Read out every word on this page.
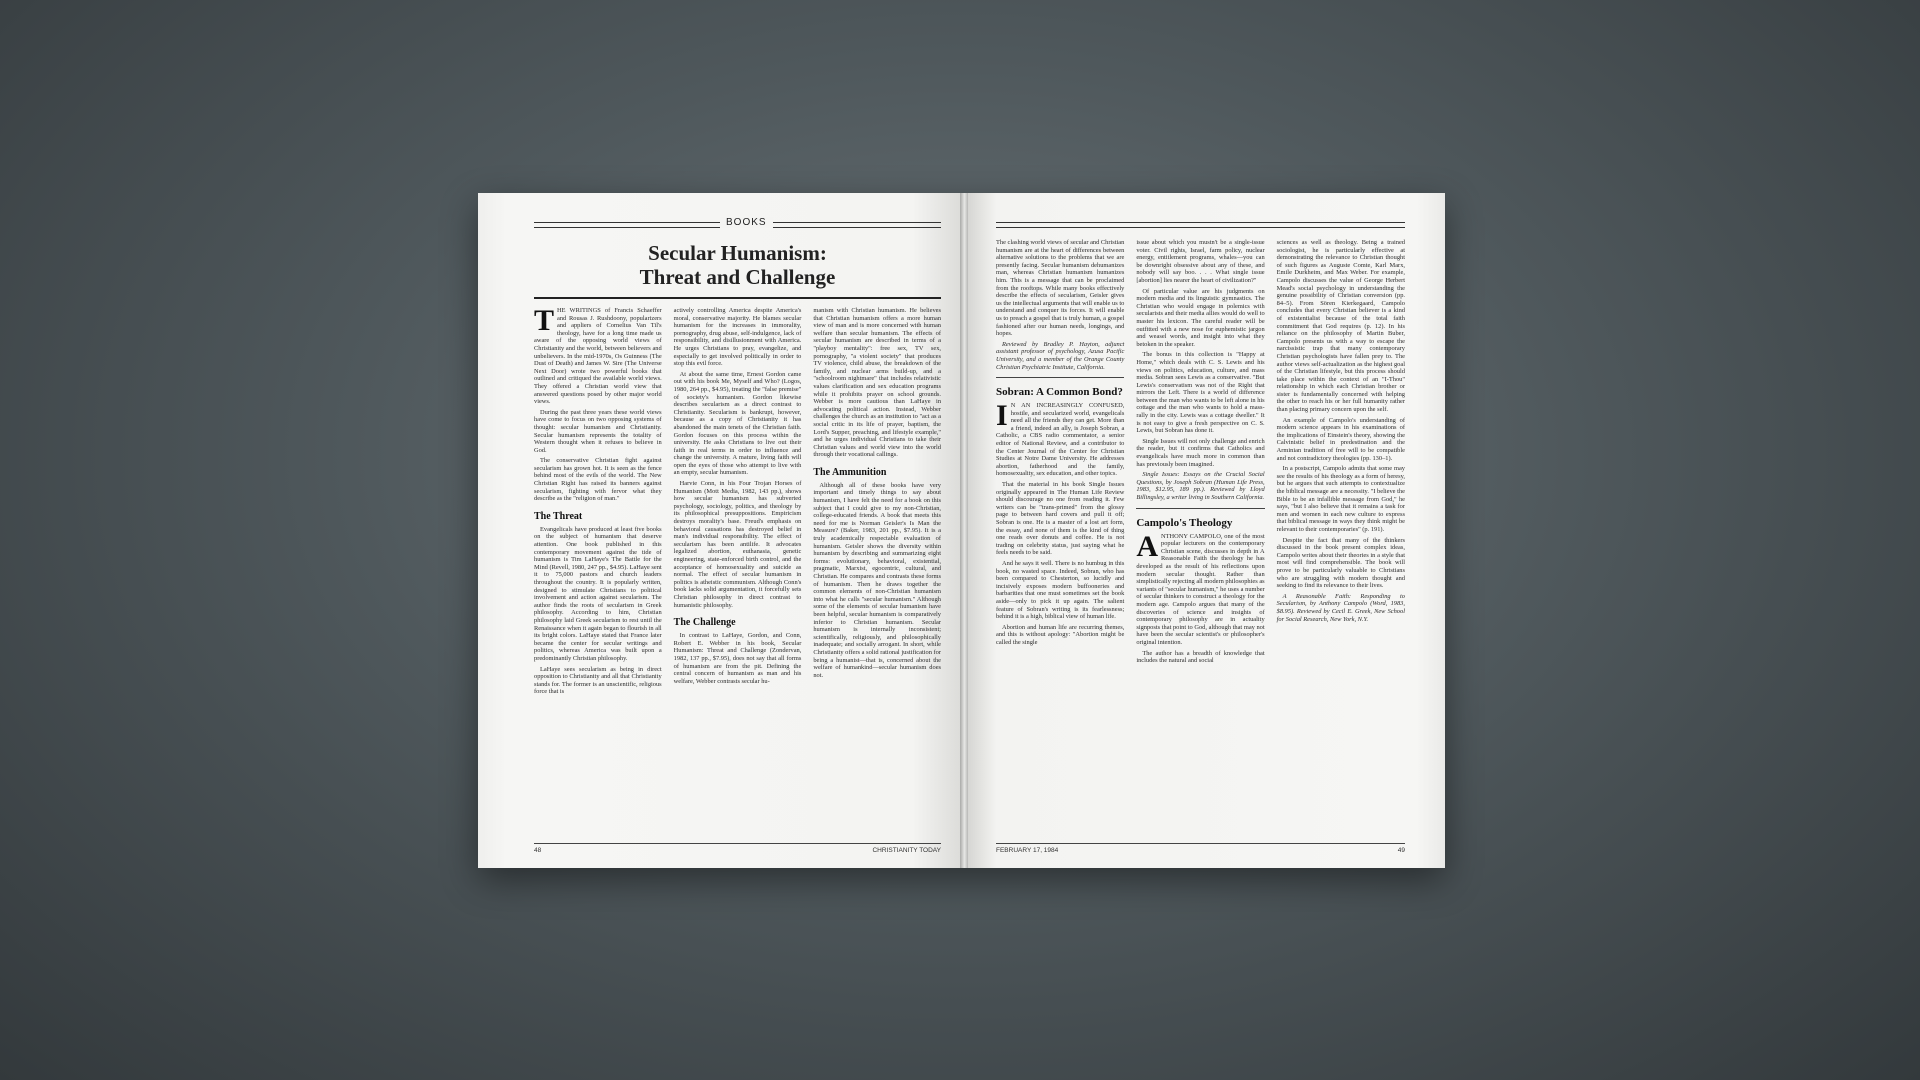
BOOKS
Secular Humanism:
Threat and Challenge

THE WRITINGS of Francis Schaeffer and Rousas J. Rushdoony, popularizers and appliers of Cornelius Van Til's theology, have for a long time made us aware of the opposing world views of Christianity and the world, between believers and unbelievers. In the mid-1970s, Os Guinness (The Dust of Death) and James W. Sire (The Universe Next Door) wrote two powerful books that outlined and critiqued the available world views. They offered a Christian world view that answered questions posed by other major world views.

During the past three years these world views have come to focus on two opposing systems of thought: secular humanism and Christianity. Secular humanism represents the totality of Western thought when it refuses to believe in God.

The conservative Christian fight against secularism has grown hot. It is seen as the fence behind most of the evils of the world. The New Christian Right has raised its banners against secularism, fighting with fervor what they describe as the "religion of man."

The Threat

Evangelicals have produced at least five books on the subject of humanism that deserve attention. One book published in this contemporary movement against the tide of humanism is Tim LaHaye's The Battle for the Mind (Revell, 1980, 247 pp., $4.95). LaHaye sent it to 75,000 pastors and church leaders throughout the country. It is popularly written, designed to stimulate Christians to political involvement and action against secularism. The author finds the roots of secularism in Greek philosophy. According to him, Christian philosophy laid Greek secularism to rest until the Renaissance when it again began to flourish in all its bright colors. LaHaye stated that France later became the center for secular writings and politics, whereas America was built upon a predominantly Christian philosophy.

LaHaye sees secularism as being in direct opposition to Christianity and all that Christianity stands for. The former is an unscientific, religious force that is

actively controlling America despite America's moral, conservative majority. He blames secular humanism for the increases in immorality, pornography, drug abuse, self-indulgence, lack of responsibility, and disillusionment with America. He urges Christians to pray, evangelize, and especially to get involved politically in order to stop this evil force.

At about the same time, Ernest Gordon came out with his book Me, Myself and Who? (Logos, 1980, 264 pp., $4.95), treating the "false premise" of society's humanism. Gordon likewise describes secularism as a direct contrast to Christianity. Secularism is bankrupt, however, because as a copy of Christianity it has abandoned the main tenets of the Christian faith. Gordon focuses on this process within the university. He asks Christians to live out their faith in real terms in order to influence and change the university. A mature, living faith will open the eyes of those who attempt to live with an empty, secular humanism.

Harvie Conn, in his Four Trojan Horses of Humanism (Mott Media, 1982, 143 pp.), shows how secular humanism has subverted psychology, sociology, politics, and theology by its philosophical presuppositions. Empiricism destroys morality's base. Freud's emphasis on behavioral causations has destroyed belief in man's individual responsibility. The effect of secularism has been antilife. It advocates legalized abortion, euthanasia, genetic engineering, state-enforced birth control, and the acceptance of homosexuality and suicide as normal. The effect of secular humanism in politics is atheistic communism. Although Conn's book lacks solid argumentation, it forcefully sets Christian philosophy in direct contrast to humanistic philosophy.

The Challenge

In contrast to LaHaye, Gordon, and Conn, Robert E. Webber in his book, Secular Humanism: Threat and Challenge (Zondervan, 1982, 137 pp., $7.95), does not say that all forms of humanism are from the pit. Defining the central concern of humanism as man and his welfare, Webber contrasts secular hu-

manism with Christian humanism. He believes that Christian humanism offers a more human view of man and is more concerned with human welfare than secular humanism. The effects of secular humanism are described in terms of a "playboy mentality": free sex, TV sex, pornography, "a violent society" that produces TV violence, child abuse, the breakdown of the family, and nuclear arms build-up, and a "schoolroom nightmare" that includes relativistic values clarification and sex education programs while it prohibits prayer on school grounds. Webber is more cautious than LaHaye in advocating political action. Instead, Webber challenges the church as an institution to "act as a social critic in its life of prayer, baptism, the Lord's Supper, preaching, and lifestyle example," and he urges individual Christians to take their Christian values and world view into the world through their vocational callings.

The Ammunition

Although all of these books have very important and timely things to say about humanism, I have felt the need for a book on this subject that I could give to my non-Christian, college-educated friends. A book that meets this need for me is Norman Geisler's Is Man the Measure? (Baker, 1983, 201 pp., $7.95). It is a truly academically respectable evaluation of humanism. Geisler shows the diversity within humanism by describing and summarizing eight forms: evolutionary, behavioral, existential, pragmatic, Marxist, egocentric, cultural, and Christian. He compares and contrasts these forms of humanism. Then he draws together the common elements of non-Christian humanism into what he calls "secular humanism." Although some of the elements of secular humanism have been helpful, secular humanism is comparatively inferior to Christian humanism. Secular humanism is internally inconsistent; scientifically, religiously, and philosophically inadequate; and socially arrogant. In short, while Christianity offers a solid rational justification for being a humanist—that is, concerned about the welfare of humankind—secular humanism does not.

48	CHRISTIANITY TODAY

The clashing world views of secular and Christian humanism are at the heart of differences between alternative solutions to the problems that we are presently facing. Secular humanism dehumanizes man, whereas Christian humanism humanizes him. This is a message that can be proclaimed from the rooftops. While many books effectively describe the effects of secularism, Geisler gives us the intellectual arguments that will enable us to understand and conquer its forces. It will enable us to preach a gospel that is truly human, a gospel fashioned after our human needs, longings, and hopes.

Reviewed by Bradley P. Hayton, adjunct assistant professor of psychology, Azusa Pacific University, and a member of the Orange County Christian Psychiatric Institute, California.

Sobran: A Common Bond?

I N AN INCREASINGLY CONFUSED, hostile, and secularized world, evangelicals need all the friends they can get. More than a friend, indeed an ally, is Joseph Sobran, a Catholic, a CBS radio commentator, a senior editor of National Review, and a contributor to the Center Journal of the Center for Christian Studies at Notre Dame University. He addresses abortion, fatherhood and the family, homosexuality, sex education, and other topics.

That the material in his book Single Issues originally appeared in The Human Life Review should discourage no one from reading it. Few writers can be "trans-primed" from the glossy page to between hard covers and pull it off; Sobran is one. He is a master of a lost art form, the essay, and none of them is the kind of thing one reads over donuts and coffee. He is not trading on celebrity status, just saying what he feels needs to be said.

And he says it well. There is no humbug in this book, no wasted space. Indeed, Sobran, who has been compared to Chesterton, so lucidly and incisively exposes modern buffooneries and barbarities that one must sometimes set the book aside—only to pick it up again. The salient feature of Sobran's writing is its fearlessness; behind it is a high, biblical view of human life.

Abortion and human life are recurring themes, and this is without apology: "Abortion might be called the single

issue about which you mustn't be a single-issue voter. Civil rights, Israel, farm policy, nuclear energy, entitlement programs, whales—you can be downright obsessive about any of these, and nobody will say boo. . . . What single issue [abortion] lies nearer the heart of civilization?"

Of particular value are his judgments on modern media and its linguistic gymnastics. The Christian who would engage in polemics with secularists and their media allies would do well to master his lexicon. The careful reader will be outfitted with a new nose for euphemistic jargon and weasel words, and insight into what they betoken in the speaker.

The bonus in this collection is "Happy at Home," which deals with C. S. Lewis and his views on politics, education, culture, and mass media. Sobran sees Lewis as a conservative. "But Lewis's conservatism was not of the Right that mirrors the Left. There is a world of difference between the man who wants to be left alone in his cottage and the man who wants to hold a mass-rally in the city. Lewis was a cottage dweller." It is not easy to give a fresh perspective on C. S. Lewis, but Sobran has done it.

Single Issues will not only challenge and enrich the reader, but it confirms that Catholics and evangelicals have much more in common than has previously been imagined.

Single Issues: Essays on the Crucial Social Questions, by Joseph Sobran (Human Life Press, 1983, $12.95, 189 pp.). Reviewed by Lloyd Billingsley, a writer living in Southern California.

Campolo's Theology

ANTHONY CAMPOLO, one of the most popular lecturers on the contemporary Christian scene, discusses in depth in A Reasonable Faith the theology he has developed as the result of his reflections upon modern secular thought. Rather than simplistically rejecting all modern philosophies as variants of "secular humanism," he uses a number of secular thinkers to construct a theology for the modern age. Campolo argues that many of the discoveries of science and insights of contemporary philosophy are in actuality signposts that point to God, although that may not have been the secular scientist's or philosopher's original intention.

The author has a breadth of knowledge that includes the natural and social

sciences as well as theology. Being a trained sociologist, he is particularly effective at demonstrating the relevance to Christian thought of such figures as Auguste Comte, Karl Marx, Emile Durkheim, and Max Weber. For example, Campolo discusses the value of George Herbert Mead's social psychology in understanding the genuine possibility of Christian conversion (pp. 84–5). From Sören Kierkegaard, Campolo concludes that every Christian believer is a kind of existentialist because of the total faith commitment that God requires (p. 12). In his reliance on the philosophy of Martin Buber, Campolo presents us with a way to escape the narcissistic trap that many contemporary Christian psychologists have fallen prey to. The author views self-actualization as the highest goal of the Christian lifestyle, but this process should take place within the context of an "I-Thou" relationship in which each Christian brother or sister is fundamentally concerned with helping the other to reach his or her full humanity rather than placing primary concern upon the self.

An example of Campolo's understanding of modern science appears in his examinations of the implications of Einstein's theory, showing the Calvinistic belief in predestination and the Arminian tradition of free will to be compatible and not contradictory theologies (pp. 130–1).

In a postscript, Campolo admits that some may see the results of his theology as a form of heresy, but he argues that such attempts to contextualize the biblical message are a necessity. "I believe the Bible to be an infallible message from God," he says, "but I also believe that it remains a task for men and women in each new culture to express that biblical message in ways they think might be relevant to their contemporaries" (p. 191).

Despite the fact that many of the thinkers discussed in the book present complex ideas, Campolo writes about their theories in a style that most will find comprehensible. The book will prove to be particularly valuable to Christians who are struggling with modern thought and seeking to find its relevance to their lives.

A Reasonable Faith: Responding to Secularism, by Anthony Campolo (Word, 1983, $8.95). Reviewed by Cecil E. Greek, New School for Social Research, New York, N.Y.

FEBRUARY 17, 1984	49
